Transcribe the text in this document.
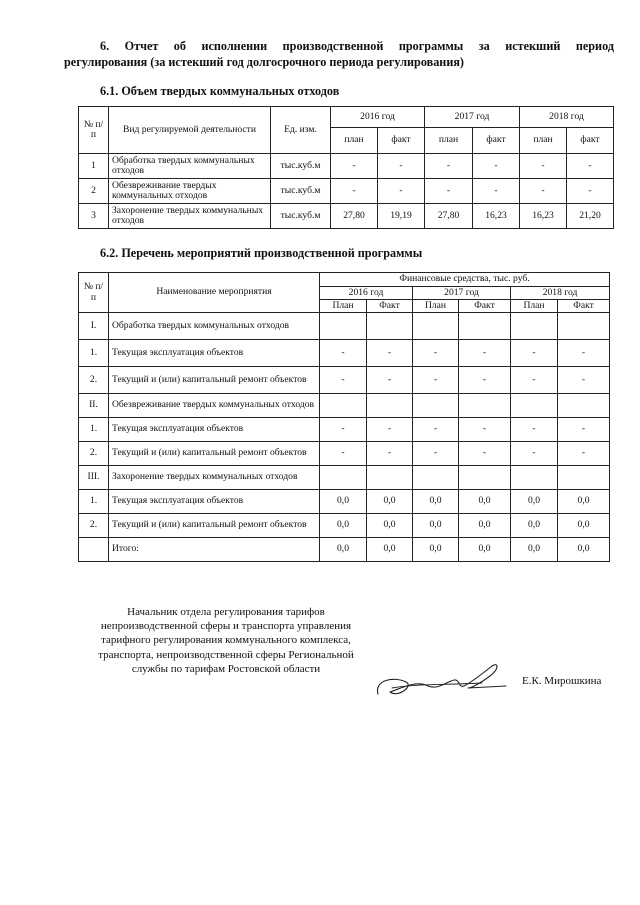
6. Отчет об исполнении производственной программы за истекший период
регулирования (за истекший год долгосрочного периода регулирования)
6.1. Объем твердых коммунальных отходов
№ п/п	Вид регулируемой деятельности	Ед. изм.	2016 год		2017 год		2018 год	
			план	факт	план	факт	план	факт
1	Обработка твердых коммунальных отходов	тыс.куб.м	-	-	-	-	-	-
2	Обезвреживание твердых коммунальных отходов	тыс.куб.м	-	-	-	-	-	-
3	Захоронение твердых коммунальных отходов	тыс.куб.м	27,80	19,19	27,80	16,23	16,23	21,20
6.2. Перечень мероприятий производственной программы
№ п/п	Наименование мероприятия	Финансовые средства, тыс. руб.					
		2016 год		2017 год		2018 год	
		План	Факт	План	Факт	План	Факт
I.	Обработка твердых коммунальных отходов						
1.	Текущая эксплуатация объектов	-	-	-	-	-	-
2.	Текущий и (или) капитальный ремонт объектов	-	-	-	-	-	-
II.	Обезвреживание твердых коммунальных отходов						
1.	Текущая эксплуатация объектов	-	-	-	-	-	-
2.	Текущий и (или) капитальный ремонт объектов	-	-	-	-	-	-
III.	Захоронение твердых коммунальных отходов						
1.	Текущая эксплуатация объектов	0,0	0,0	0,0	0,0	0,0	0,0
2.	Текущий и (или) капитальный ремонт объектов	0,0	0,0	0,0	0,0	0,0	0,0
	Итого:	0,0	0,0	0,0	0,0	0,0	0,0
Начальник отдела регулирования тарифов
непроизводственной сферы и транспорта управления
тарифного регулирования коммунального комплекса,
транспорта, непроизводственной сферы Региональной
службы по тарифам Ростовской области
Е.К. Мирошкина
